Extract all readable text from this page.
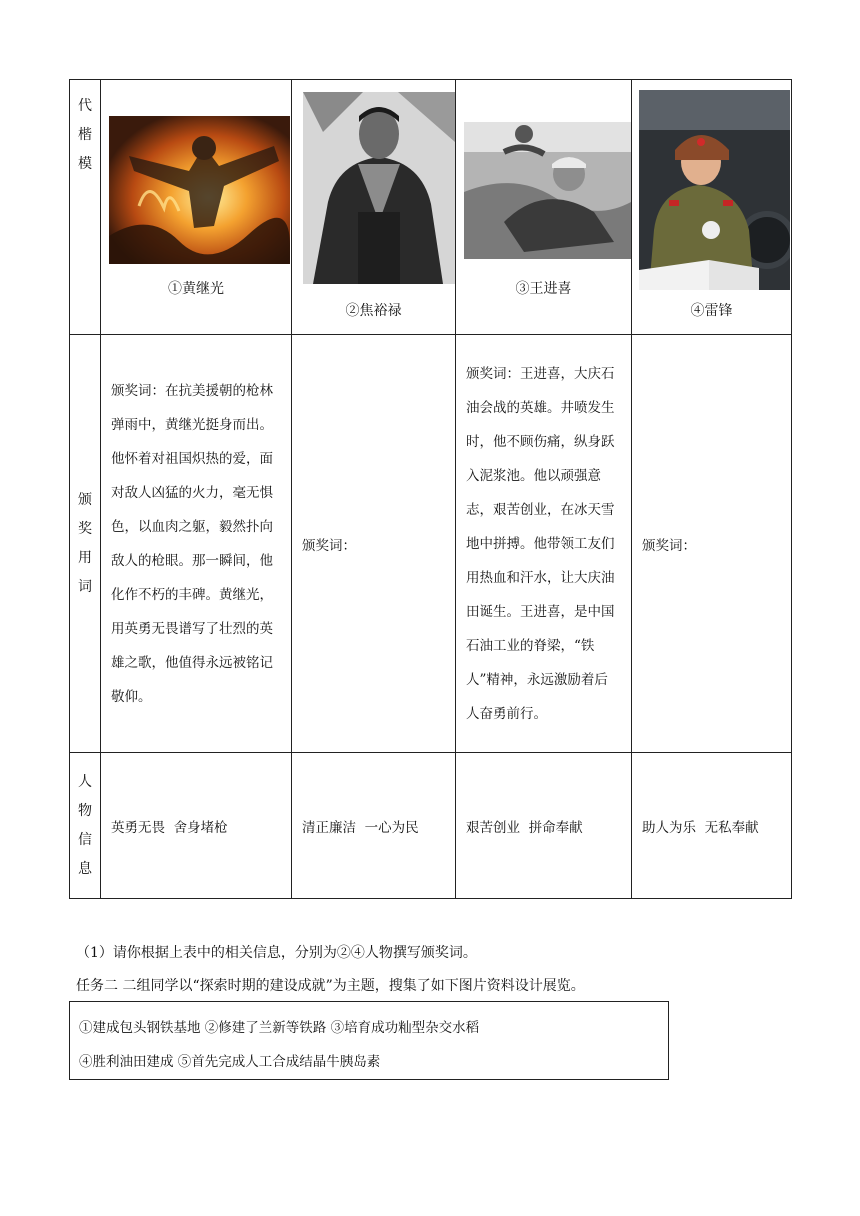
代
楷
模	①黄继光	②焦裕禄	③王进喜	④雷锋

颁
奖
用
词	颁奖词：在抗美援朝的枪林弹雨中，黄继光挺身而出。他怀着对祖国炽热的爱，面对敌人凶猛的火力，毫无惧色，以血肉之躯，毅然扑向敌人的枪眼。那一瞬间，他化作不朽的丰碑。黄继光，用英勇无畏谱写了壮烈的英雄之歌，他值得永远被铭记敬仰。	颁奖词：	颁奖词：王进喜，大庆石油会战的英雄。井喷发生时，他不顾伤痛，纵身跃入泥浆池。他以顽强意志，艰苦创业，在冰天雪地中拼搏。他带领工友们用热血和汗水，让大庆油田诞生。王进喜，是中国石油工业的脊梁，“铁人”精神，永远激励着后人奋勇前行。	颁奖词：

人
物
信
息	英勇无畏  舍身堵枪	清正廉洁  一心为民	艰苦创业  拼命奉献	助人为乐  无私奉献
（1）请你根据上表中的相关信息，分别为②④人物撰写颁奖词。
任务二 二组同学以“探索时期的建设成就”为主题，搜集了如下图片资料设计展览。
①建成包头钢铁基地 ②修建了兰新等铁路 ③培育成功籼型杂交水稻
④胜利油田建成 ⑤首先完成人工合成结晶牛胰岛素
